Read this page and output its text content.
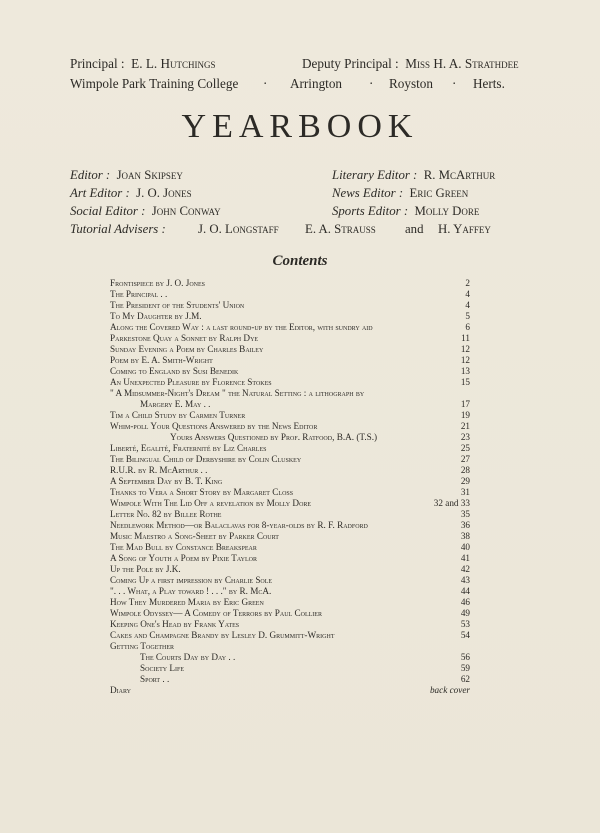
Principal : E. L. Hutchings	Deputy Principal : Miss H. A. Strathdee
Wimpole Park Training College · Arrington · Royston · Herts.
YEARBOOK
Editor : Joan Skipsey	Literary Editor : R. McArthur
Art Editor : J. O. Jones	News Editor : Eric Green
Social Editor : John Conway	Sports Editor : Molly Dore
Tutorial Advisers :	J. O. Longstaff E. A. Strauss and H. Yaffey
Contents
Frontispiece by J. O. Jones	2
The Principal . .	4
The President of the Students' Union	4
To My Daughter by J.M.	5
Along the Covered Way : a last round-up by the Editor, with sundry aid	6
Parkestone Quay a Sonnet by Ralph Dye	11
Sunday Evening a Poem by Charles Bailey	12
Poem by E. A. Smith-Wright	12
Coming to England by Susi Benedik	13
An Unexpected Pleasure by Florence Stokes	15
" A Midsummer-Night's Dream " the Natural Setting : a lithograph by
Margery E. May . .	17
Tim a Child Study by Carmen Turner	19
Whim-poll Your Questions Answered by the News Editor	21
Yours Answers Questioned by Prof. Ratfood, B.A. (T.S.)	23
Liberté, Egalité, Fraternité by Liz Charles	25
The Bilingual Child of Derbyshire by Colin Cluskey	27
R.U.R. by R. McArthur . .	28
A September Day by B. T. King	29
Thanks to Vera a Short Story by Margaret Closs	31
Wimpole With The Lid Off a revelation by Molly Dore	32 and 33
Letter No. 82 by Billee Rothe	35
Needlework Method—or Balaclavas for 8-year-olds by R. F. Radford	36
Music Maestro a Song-Sheet by Parker Court	38
The Mad Bull by Constance Breakspear	40
A Song of Youth a Poem by Pixie Taylor	41
Up the Pole by J.K.	42
Coming Up a first impression by Charlie Sole	43
". . . What, a Play toward ! . . ." by R. McA.	44
How They Murdered Maria by Eric Green	46
Wimpole Odyssey— A Comedy of Terrors by Paul Collier	49
Keeping One's Head by Frank Yates	53
Cakes and Champagne Brandy by Lesley D. Grummitt-Wright	54
Getting Together
The Courts Day by Day . .	56
Society Life	59
Sport . .	62
Diary	back cover
